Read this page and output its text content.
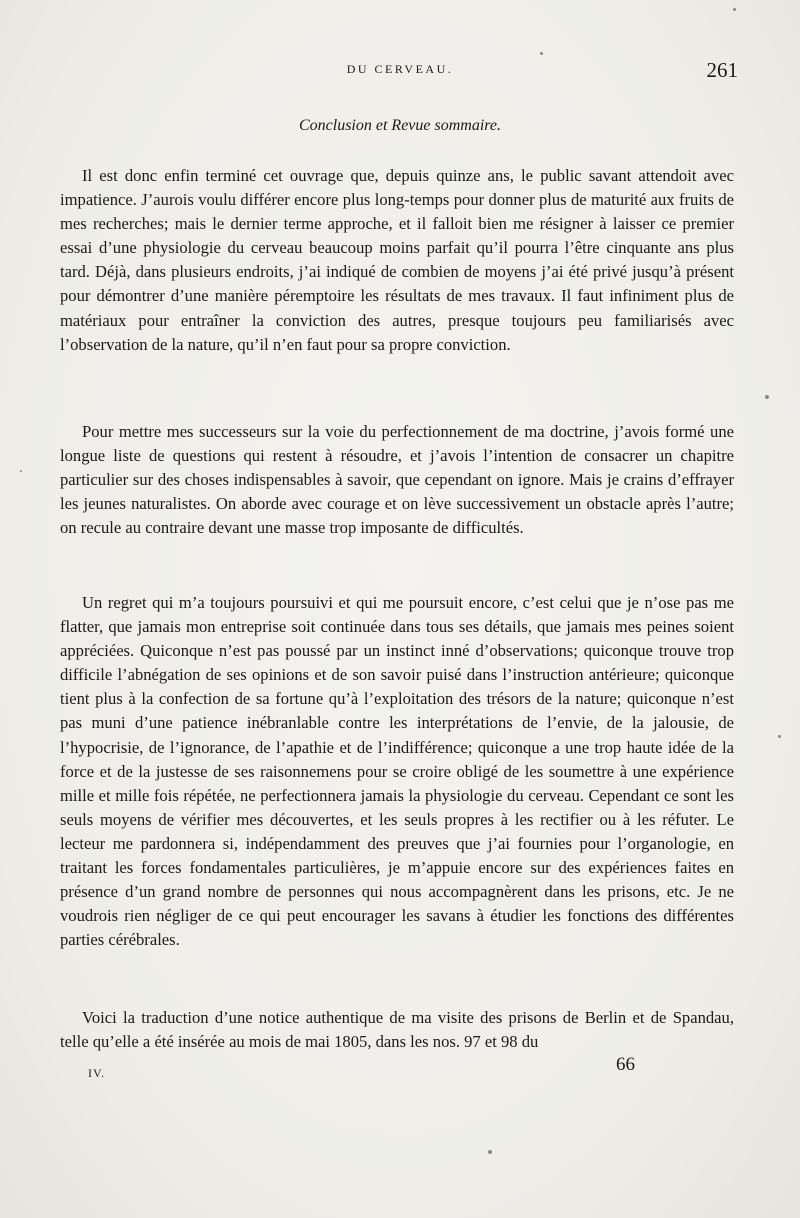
DU CERVEAU.	261
Conclusion et Revue sommaire.

Il est donc enfin terminé cet ouvrage que, depuis quinze ans, le public savant attendoit avec impatience. J’aurois voulu différer encore plus long-temps pour donner plus de maturité aux fruits de mes recherches; mais le dernier terme approche, et il falloit bien me résigner à laisser ce premier essai d’une physiologie du cerveau beaucoup moins parfait qu’il pourra l’être cinquante ans plus tard. Déjà, dans plusieurs endroits, j’ai indiqué de combien de moyens j’ai été privé jusqu’à présent pour démontrer d’une manière péremptoire les résultats de mes travaux. Il faut infiniment plus de matériaux pour entraîner la conviction des autres, presque toujours peu familiarisés avec l’observation de la nature, qu’il n’en faut pour sa propre conviction.

Pour mettre mes successeurs sur la voie du perfectionnement de ma doctrine, j’avois formé une longue liste de questions qui restent à résoudre, et j’avois l’intention de consacrer un chapitre particulier sur des choses indispensables à savoir, que cependant on ignore. Mais je crains d’effrayer les jeunes naturalistes. On aborde avec courage et on lève successivement un obstacle après l’autre; on recule au contraire devant une masse trop imposante de difficultés.

Un regret qui m’a toujours poursuivi et qui me poursuit encore, c’est celui que je n’ose pas me flatter, que jamais mon entreprise soit continuée dans tous ses détails, que jamais mes peines soient appréciées. Quiconque n’est pas poussé par un instinct inné d’observations; quiconque trouve trop difficile l’abnégation de ses opinions et de son savoir puisé dans l’instruction antérieure; quiconque tient plus à la confection de sa fortune qu’à l’exploitation des trésors de la nature; quiconque n’est pas muni d’une patience inébranlable contre les interprétations de l’envie, de la jalousie, de l’hypocrisie, de l’ignorance, de l’apathie et de l’indifférence; quiconque a une trop haute idée de la force et de la justesse de ses raisonnemens pour se croire obligé de les soumettre à une expérience mille et mille fois répétée, ne perfectionnera jamais la physiologie du cerveau. Cependant ce sont les seuls moyens de vérifier mes découvertes, et les seuls propres à les rectifier ou à les réfuter. Le lecteur me pardonnera si, indépendamment des preuves que j’ai fournies pour l’organologie, en traitant les forces fondamentales particulières, je m’appuie encore sur des expériences faites en présence d’un grand nombre de personnes qui nous accompagnèrent dans les prisons, etc. Je ne voudrois rien négliger de ce qui peut encourager les savans à étudier les fonctions des différentes parties cérébrales.

Voici la traduction d’une notice authentique de ma visite des prisons de Berlin et de Spandau, telle qu’elle a été insérée au mois de mai 1805, dans les nos. 97 et 98 du

IV.	66
